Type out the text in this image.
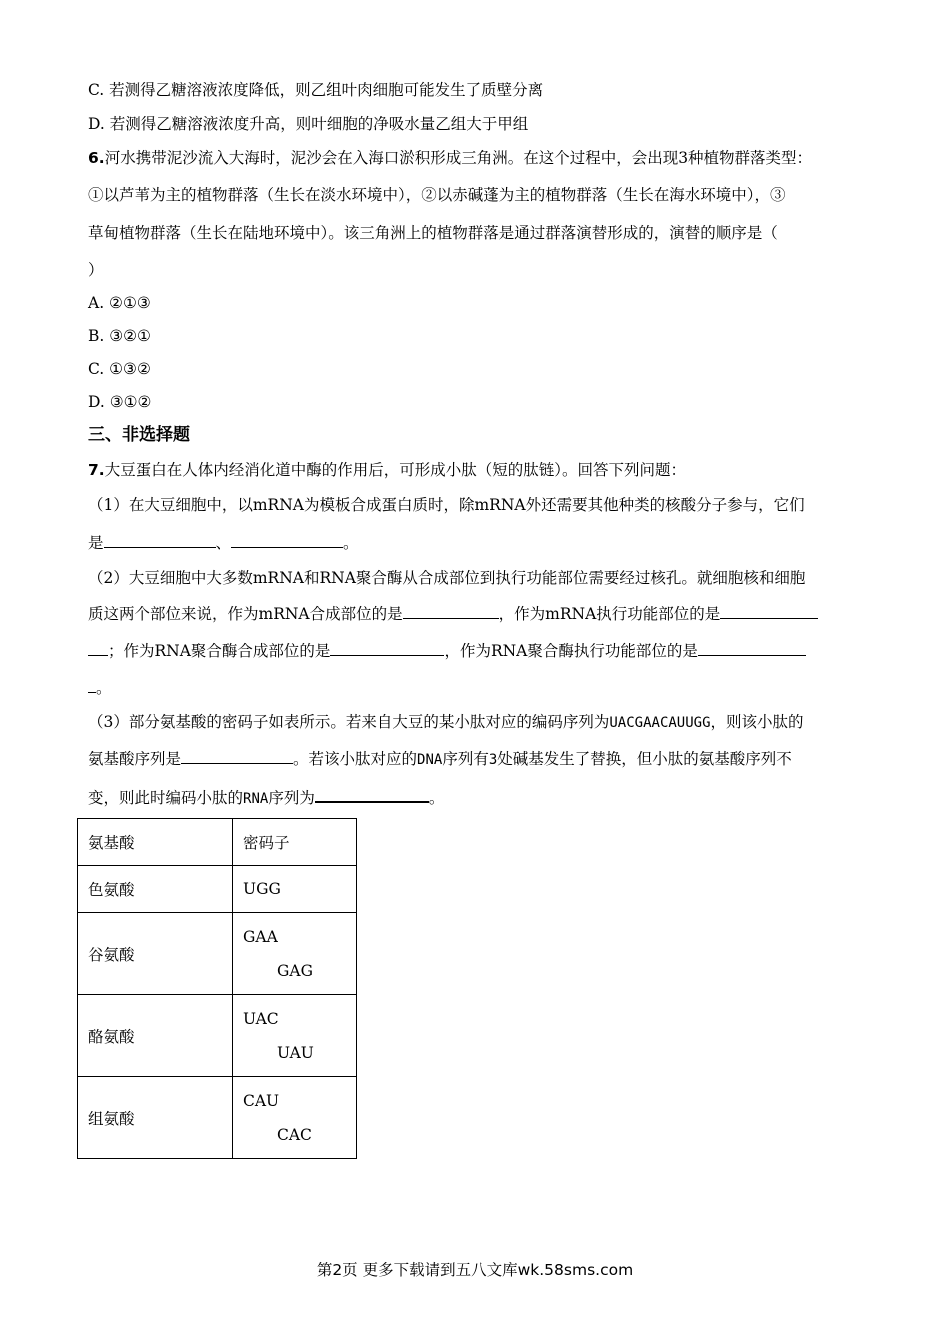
C. 若测得乙糖溶液浓度降低，则乙组叶肉细胞可能发生了质壁分离
D. 若测得乙糖溶液浓度升高，则叶细胞的净吸水量乙组大于甲组
6.河水携带泥沙流入大海时，泥沙会在入海口淤积形成三角洲。在这个过程中，会出现3种植物群落类型：
①以芦苇为主的植物群落（生长在淡水环境中），②以赤碱蓬为主的植物群落（生长在海水环境中），③
草甸植物群落（生长在陆地环境中）。该三角洲上的植物群落是通过群落演替形成的，演替的顺序是（
）
A. ②①③
B. ③②①
C. ①③②
D. ③①②
三、非选择题
7.大豆蛋白在人体内经消化道中酶的作用后，可形成小肽（短的肽链）。回答下列问题：
（1）在大豆细胞中，以mRNA为模板合成蛋白质时，除mRNA外还需要其他种类的核酸分子参与，它们
是	、	。
（2）大豆细胞中大多数mRNA和RNA聚合酶从合成部位到执行功能部位需要经过核孔。就细胞核和细胞
质这两个部位来说，作为mRNA合成部位的是	，作为mRNA执行功能部位的是
；作为RNA聚合酶合成部位的是	，作为RNA聚合酶执行功能部位的是
。
（3）部分氨基酸的密码子如表所示。若来自大豆的某小肽对应的编码序列为UACGAACAUUGG，则该小肽的
氨基酸序列是	。若该小肽对应的DNA序列有3处碱基发生了替换，但小肽的氨基酸序列不
变，则此时编码小肽的RNA序列为	。
氨基酸	密码子
色氨酸	UGG
谷氨酸	GAA
GAG

酪氨酸	UAC
UAU

组氨酸	CAU
CAC
第2页 更多下载请到五八文库wk.58sms.com
